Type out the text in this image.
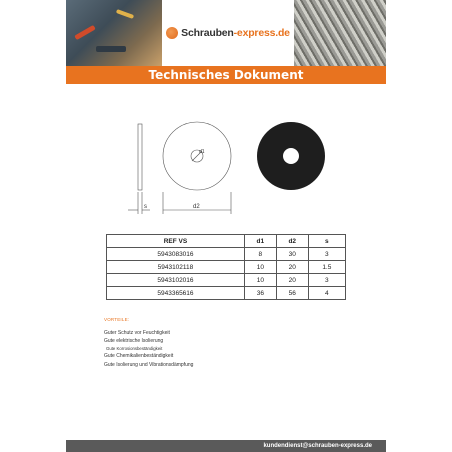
Schrauben-express.de
Technisches Dokument
s
d1
d2
REF VS	d1	d2	s
5943083016	8	30	3
5943102118	10	20	1.5
5943102016	10	20	3
5943365616	36	56	4
VORTEILE:
Guter Schutz vor Feuchtigkeit
Gute elektrische Isolierung
Gute Korrosionsbeständigkeit
Gute Chemikalienbeständigkeit
Gute Isolierung und Vibrationsdämpfung
kundendienst@schrauben-express.de
